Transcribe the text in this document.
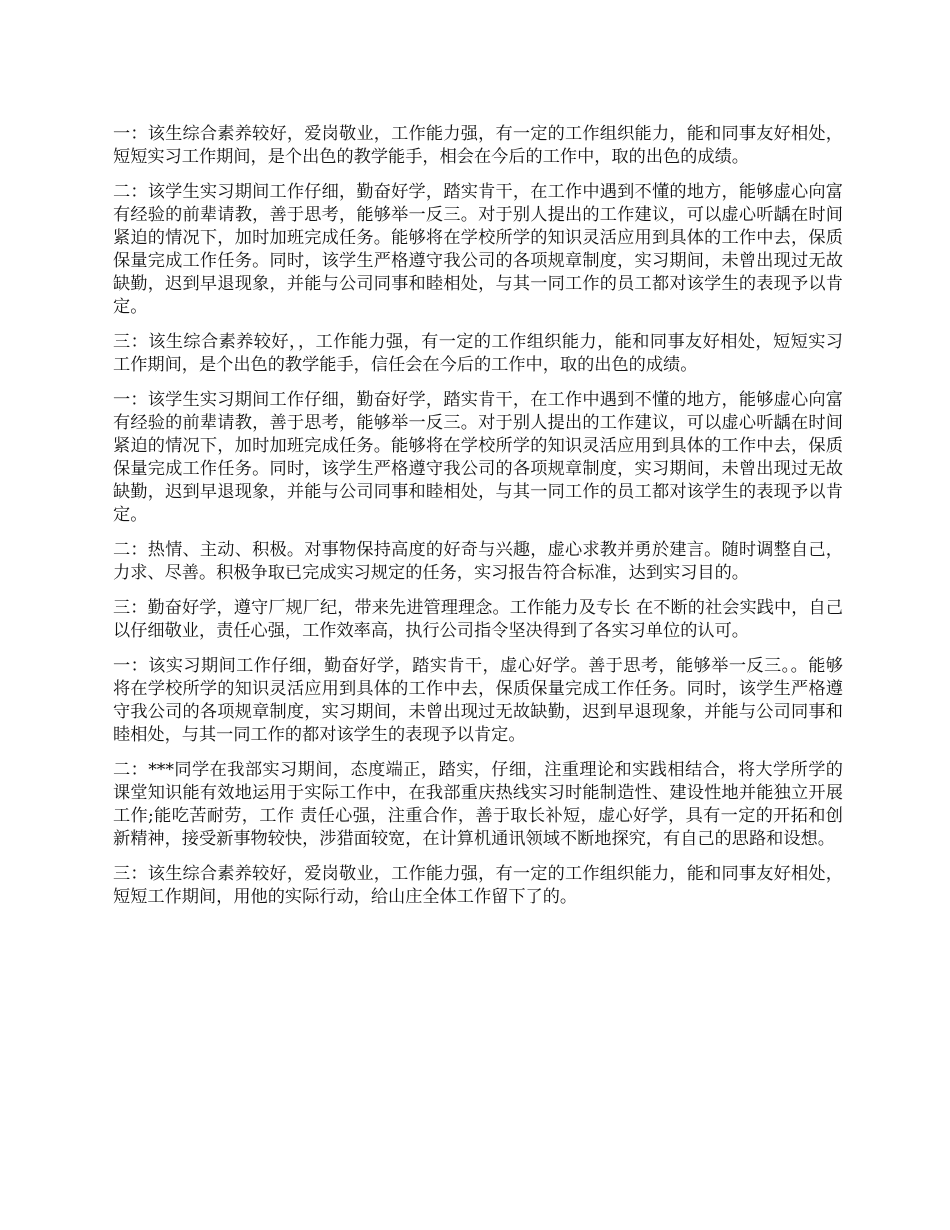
一：该生综合素养较好，爱岗敬业，工作能力强，有一定的工作组织能力，能和同事友好相处，短短实习工作期间，是个出色的教学能手，相会在今后的工作中，取的出色的成绩。

二：该学生实习期间工作仔细，勤奋好学，踏实肯干，在工作中遇到不懂的地方，能够虚心向富有经验的前辈请教，善于思考，能够举一反三。对于别人提出的工作建议，可以虚心听龋在时间紧迫的情况下，加时加班完成任务。能够将在学校所学的知识灵活应用到具体的工作中去，保质保量完成工作任务。同时，该学生严格遵守我公司的各项规章制度，实习期间，未曾出现过无故缺勤，迟到早退现象，并能与公司同事和睦相处，与其一同工作的员工都对该学生的表现予以肯定。

三：该生综合素养较好，，工作能力强，有一定的工作组织能力，能和同事友好相处，短短实习工作期间，是个出色的教学能手，信任会在今后的工作中，取的出色的成绩。

一：该学生实习期间工作仔细，勤奋好学，踏实肯干，在工作中遇到不懂的地方，能够虚心向富有经验的前辈请教，善于思考，能够举一反三。对于别人提出的工作建议，可以虚心听龋在时间紧迫的情况下，加时加班完成任务。能够将在学校所学的知识灵活应用到具体的工作中去，保质保量完成工作任务。同时，该学生严格遵守我公司的各项规章制度，实习期间，未曾出现过无故缺勤，迟到早退现象，并能与公司同事和睦相处，与其一同工作的员工都对该学生的表现予以肯定。

二：热情、主动、积极。对事物保持高度的好奇与兴趣，虚心求教并勇於建言。随时调整自己，力求、尽善。积极争取已完成实习规定的任务，实习报告符合标准，达到实习目的。

三：勤奋好学，遵守厂规厂纪，带来先进管理理念。工作能力及专长 在不断的社会实践中，自己以仔细敬业，责任心强，工作效率高，执行公司指令坚决得到了各实习单位的认可。

一：该实习期间工作仔细，勤奋好学，踏实肯干，虚心好学。善于思考，能够举一反三。。能够将在学校所学的知识灵活应用到具体的工作中去，保质保量完成工作任务。同时，该学生严格遵守我公司的各项规章制度，实习期间，未曾出现过无故缺勤，迟到早退现象，并能与公司同事和睦相处，与其一同工作的都对该学生的表现予以肯定。

二：***同学在我部实习期间，态度端正，踏实，仔细，注重理论和实践相结合，将大学所学的课堂知识能有效地运用于实际工作中，在我部重庆热线实习时能制造性、建设性地并能独立开展工作;能吃苦耐劳，工作 责任心强，注重合作，善于取长补短，虚心好学，具有一定的开拓和创新精神，接受新事物较快，涉猎面较宽，在计算机通讯领域不断地探究，有自己的思路和设想。

三：该生综合素养较好，爱岗敬业，工作能力强，有一定的工作组织能力，能和同事友好相处，短短工作期间，用他的实际行动，给山庄全体工作留下了的。
